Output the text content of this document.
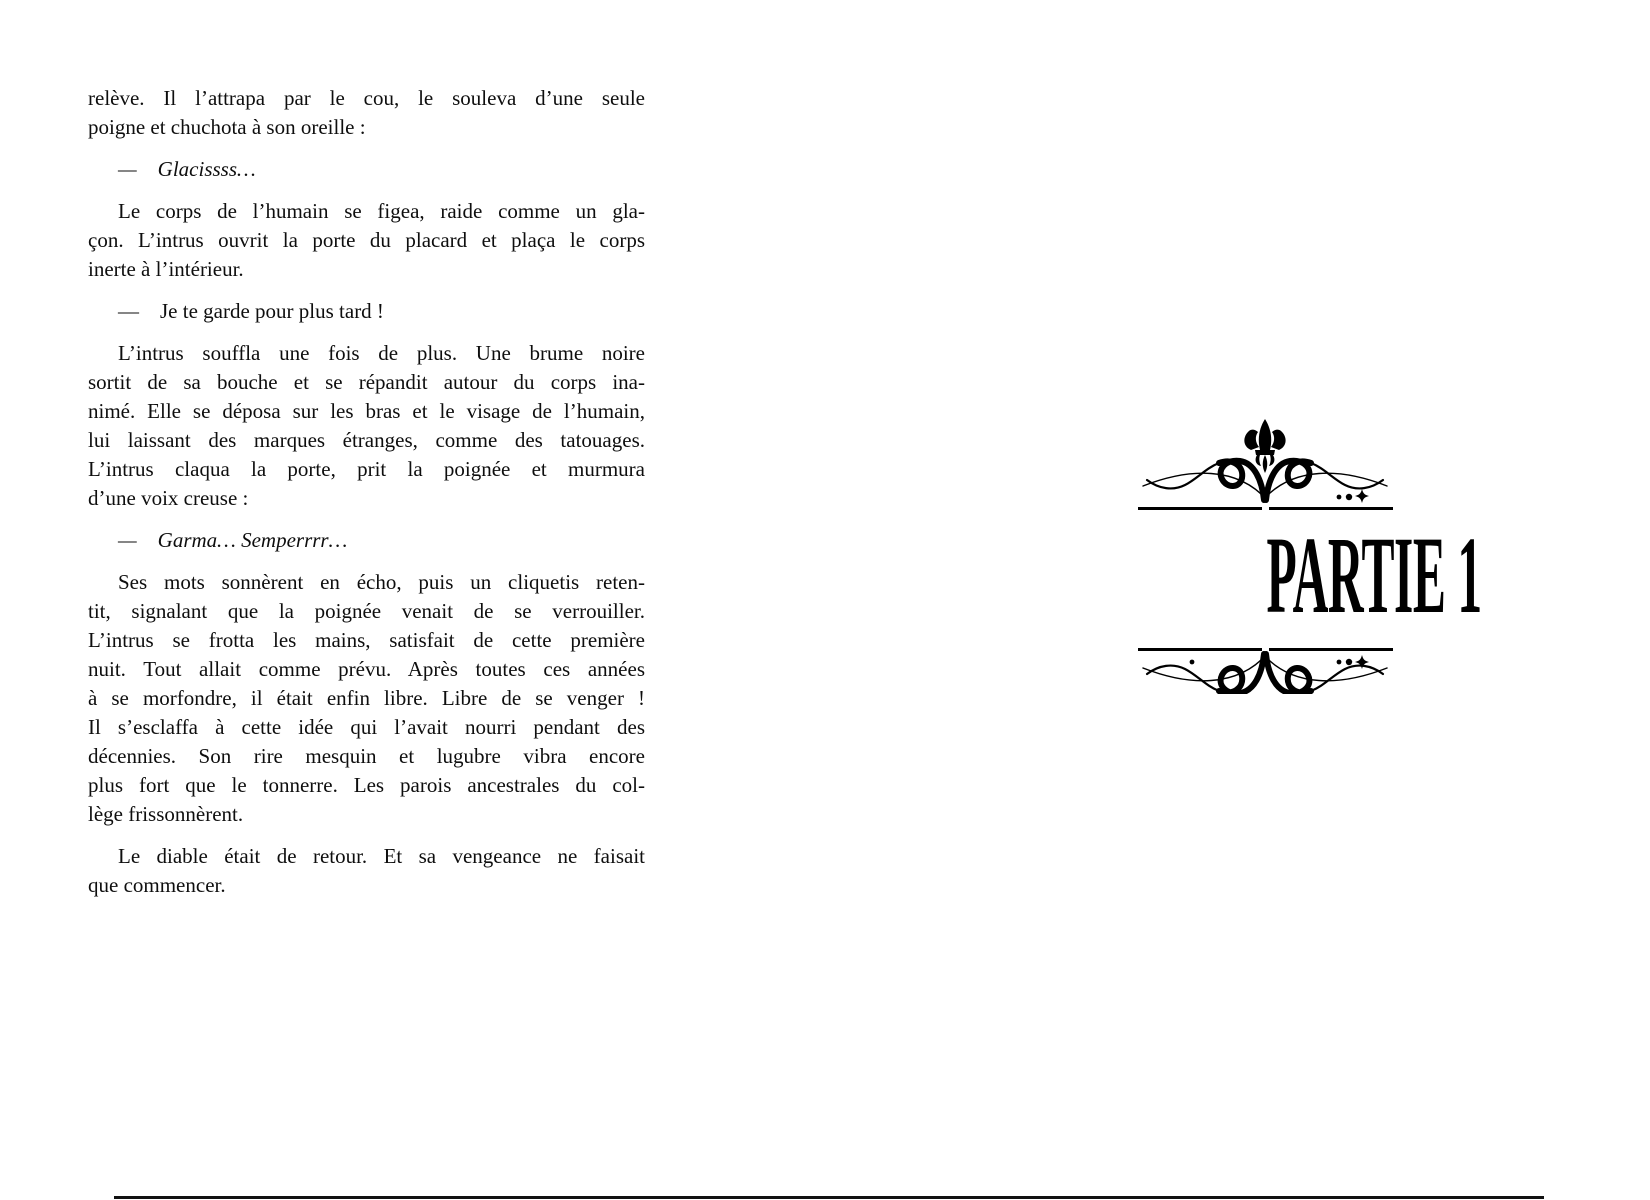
relève. Il l’attrapa par le cou, le souleva d’une seule
poigne et chuchota à son oreille :
— Glacissss…
Le corps de l’humain se figea, raide comme un gla-
çon. L’intrus ouvrit la porte du placard et plaça le corps
inerte à l’intérieur.
— Je te garde pour plus tard !
L’intrus souffla une fois de plus. Une brume noire
sortit de sa bouche et se répandit autour du corps ina-
nimé. Elle se déposa sur les bras et le visage de l’humain,
lui laissant des marques étranges, comme des tatouages.
L’intrus claqua la porte, prit la poignée et murmura
d’une voix creuse :
— Garma… Semperrrr…
Ses mots sonnèrent en écho, puis un cliquetis reten-
tit, signalant que la poignée venait de se verrouiller.
L’intrus se frotta les mains, satisfait de cette première
nuit. Tout allait comme prévu. Après toutes ces années
à se morfondre, il était enfin libre. Libre de se venger !
Il s’esclaffa à cette idée qui l’avait nourri pendant des
décennies. Son rire mesquin et lugubre vibra encore
plus fort que le tonnerre. Les parois ancestrales du col-
lège frissonnèrent.
Le diable était de retour. Et sa vengeance ne faisait
que commencer.
PARTIE 1
